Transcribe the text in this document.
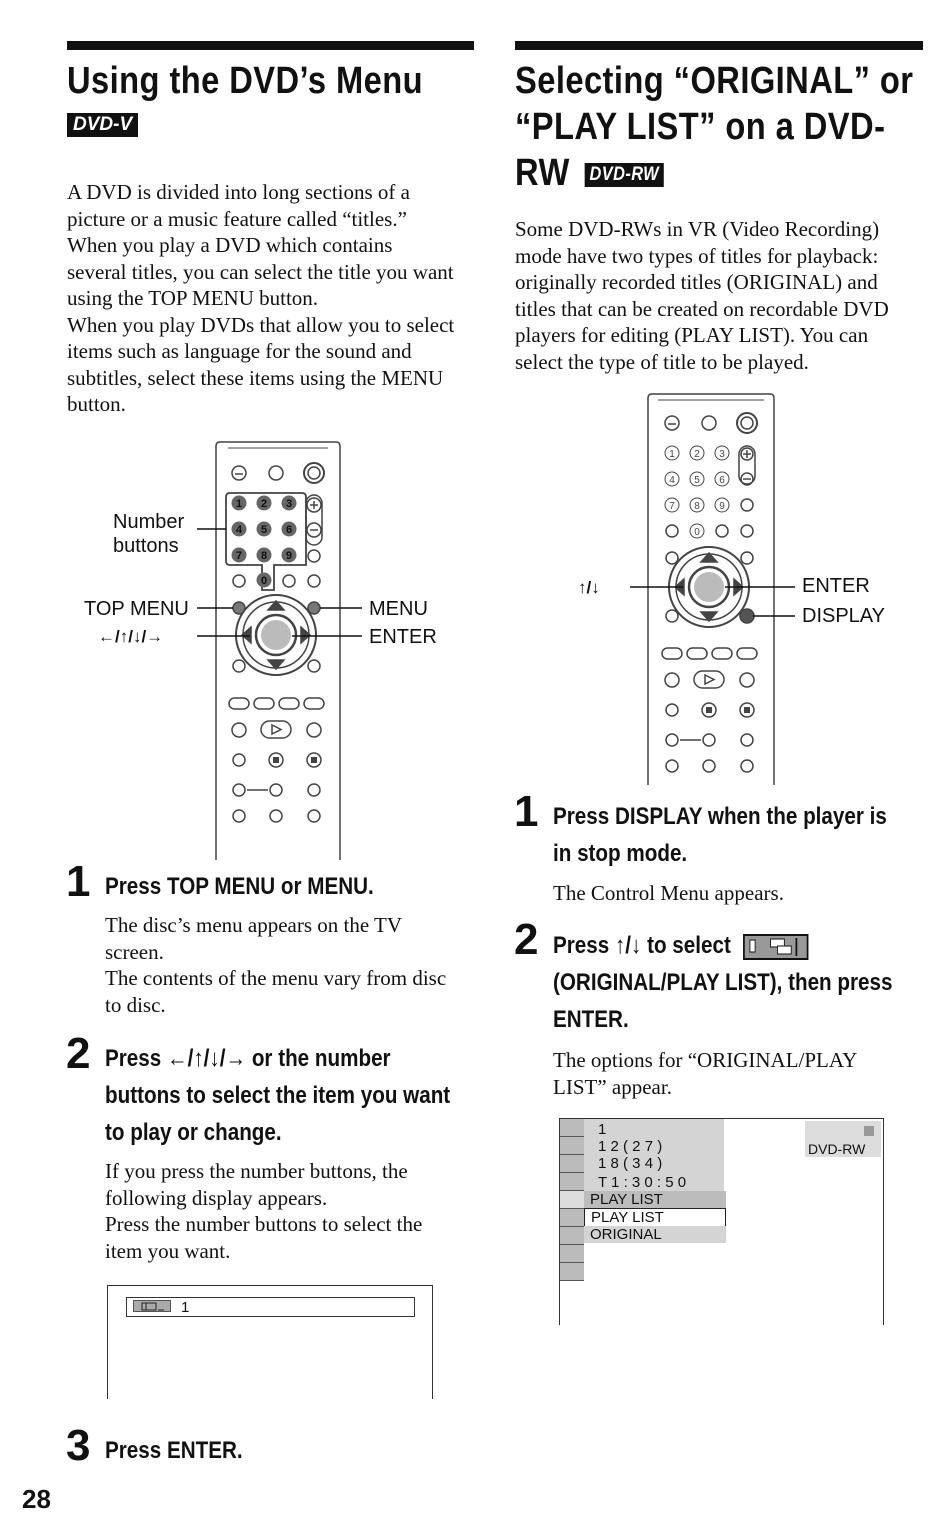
Using the DVD’s Menu
DVD-V
A DVD is divided into long sections of a
picture or a music feature called “titles.”
When you play a DVD which contains
several titles, you can select the title you want
using the TOP MENU button.
When you play DVDs that allow you to select
items such as language for the sound and
subtitles, select these items using the MENU
button.
1 2 3
4 5 6
7 8 9
0
Number
buttons
TOP MENU
←/↑/↓/→
MENU
ENTER
1 Press TOP MENU or MENU.
The disc’s menu appears on the TV
screen.
The contents of the menu vary from disc
to disc.
2 Press ←/↑/↓/→ or the number
buttons to select the item you want
to play or change.
If you press the number buttons, the
following display appears.
Press the number buttons to select the
item you want.
1
3 Press ENTER.
28
Selecting “ORIGINAL” or
“PLAY LIST” on a DVD-
RW DVD-RW
Some DVD-RWs in VR (Video Recording)
mode have two types of titles for playback:
originally recorded titles (ORIGINAL) and
titles that can be created on recordable DVD
players for editing (PLAY LIST). You can
select the type of title to be played.
1 2 3
4 5 6
7 8 9
0
↑/↓	ENTER
DISPLAY
1 Press DISPLAY when the player is
in stop mode.
The Control Menu appears.
2 Press ↑/↓ to select
(ORIGINAL/PLAY LIST), then press
ENTER.
The options for “ORIGINAL/PLAY
LIST” appear.
1
1 2 ( 2 7 )
1 8 ( 3 4 )
T 1 : 3 0 : 5 0
PLAY LIST
PLAY LIST
ORIGINAL
DVD-RW
